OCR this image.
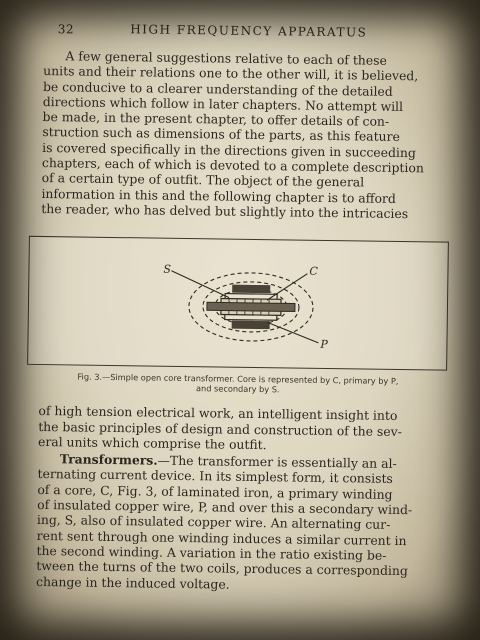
32	HIGH FREQUENCY APPARATUS

A few general suggestions relative to each of these
units and their relations one to the other will, it is believed,
be conducive to a clearer understanding of the detailed
directions which follow in later chapters. No attempt will
be made, in the present chapter, to offer details of con-
struction such as dimensions of the parts, as this feature
is covered specifically in the directions given in succeeding
chapters, each of which is devoted to a complete description
of a certain type of outfit. The object of the general
information in this and the following chapter is to afford
the reader, who has delved but slightly into the intricacies

S	C
P
Fig. 3.—Simple open core transformer. Core is represented by C, primary by P,
and secondary by S.

of high tension electrical work, an intelligent insight into
the basic principles of design and construction of the sev-
eral units which comprise the outfit.

Transformers.—The transformer is essentially an al-
ternating current device. In its simplest form, it consists
of a core, C, Fig. 3, of laminated iron, a primary winding
of insulated copper wire, P, and over this a secondary wind-
ing, S, also of insulated copper wire. An alternating cur-
rent sent through one winding induces a similar current in
the second winding. A variation in the ratio existing be-
tween the turns of the two coils, produces a corresponding
change in the induced voltage.
